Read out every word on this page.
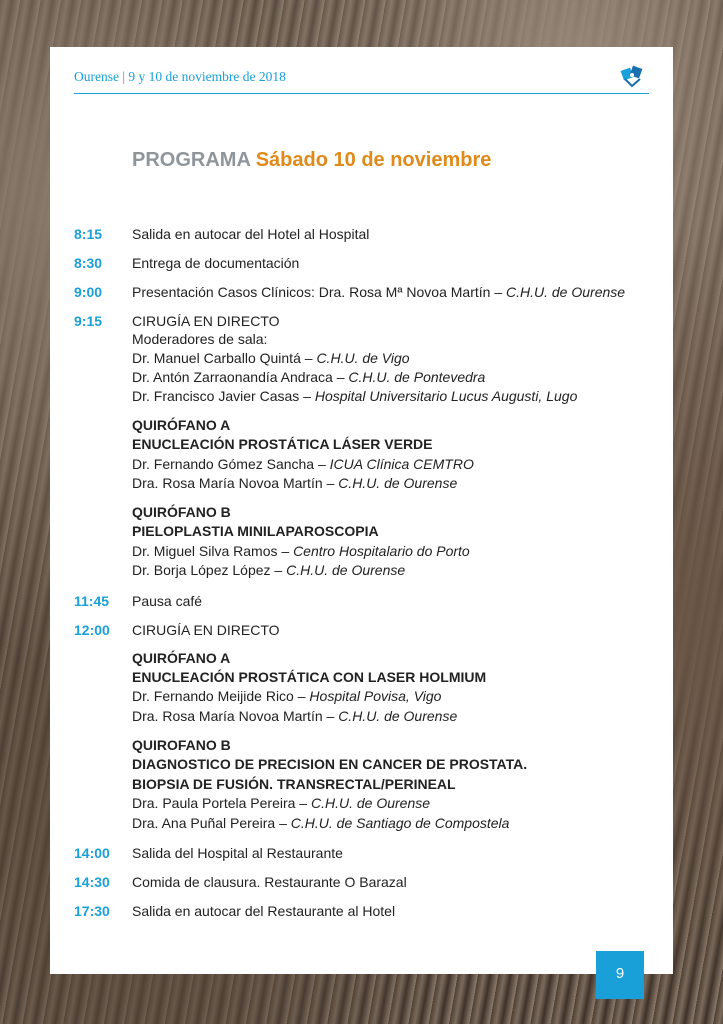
Ourense | 9 y 10 de noviembre de 2018
PROGRAMA Sábado 10 de noviembre
8:15	Salida en autocar del Hotel al Hospital
8:30	Entrega de documentación
9:00	Presentación Casos Clínicos: Dra. Rosa Mª Novoa Martín – C.H.U. de Ourense
9:15	CIRUGÍA EN DIRECTO
Moderadores de sala:
Dr. Manuel Carballo Quintá – C.H.U. de Vigo
Dr. Antón Zarraonandía Andraca – C.H.U. de Pontevedra
Dr. Francisco Javier Casas – Hospital Universitario Lucus Augusti, Lugo
QUIRÓFANO A
ENUCLEACIÓN PROSTÁTICA LÁSER VERDE
Dr. Fernando Gómez Sancha – ICUA Clínica CEMTRO
Dra. Rosa María Novoa Martín – C.H.U. de Ourense
QUIRÓFANO B
PIELOPLASTIA MINILAPAROSCOPIA
Dr. Miguel Silva Ramos – Centro Hospitalario do Porto
Dr. Borja López López – C.H.U. de Ourense
11:45	Pausa café
12:00	CIRUGÍA EN DIRECTO
QUIRÓFANO A
ENUCLEACIÓN PROSTÁTICA CON LASER HOLMIUM
Dr. Fernando Meijide Rico – Hospital Povisa, Vigo
Dra. Rosa María Novoa Martín – C.H.U. de Ourense
QUIROFANO B
DIAGNOSTICO DE PRECISION EN CANCER DE PROSTATA.
BIOPSIA DE FUSIÓN. TRANSRECTAL/PERINEAL
Dra. Paula Portela Pereira – C.H.U. de Ourense
Dra. Ana Puñal Pereira – C.H.U. de Santiago de Compostela
14:00	Salida del Hospital al Restaurante
14:30	Comida de clausura. Restaurante O Barazal
17:30	Salida en autocar del Restaurante al Hotel
9
